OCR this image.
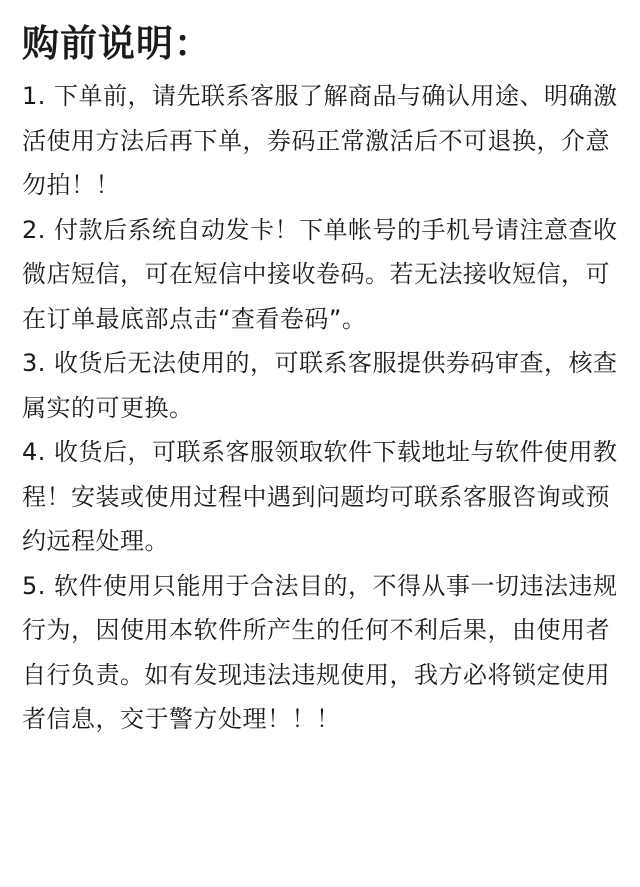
购前说明：

1. 下单前，请先联系客服了解商品与确认用途、明确激活使用方法后再下单，券码正常激活后不可退换，介意勿拍！！

2. 付款后系统自动发卡！下单帐号的手机号请注意查收微店短信，可在短信中接收卷码。若无法接收短信，可在订单最底部点击“查看卷码”。

3. 收货后无法使用的，可联系客服提供券码审查，核查属实的可更换。

4. 收货后，可联系客服领取软件下载地址与软件使用教程！安装或使用过程中遇到问题均可联系客服咨询或预约远程处理。

5. 软件使用只能用于合法目的，不得从事一切违法违规行为，因使用本软件所产生的任何不利后果，由使用者自行负责。如有发现违法违规使用，我方必将锁定使用者信息，交于警方处理！！！
